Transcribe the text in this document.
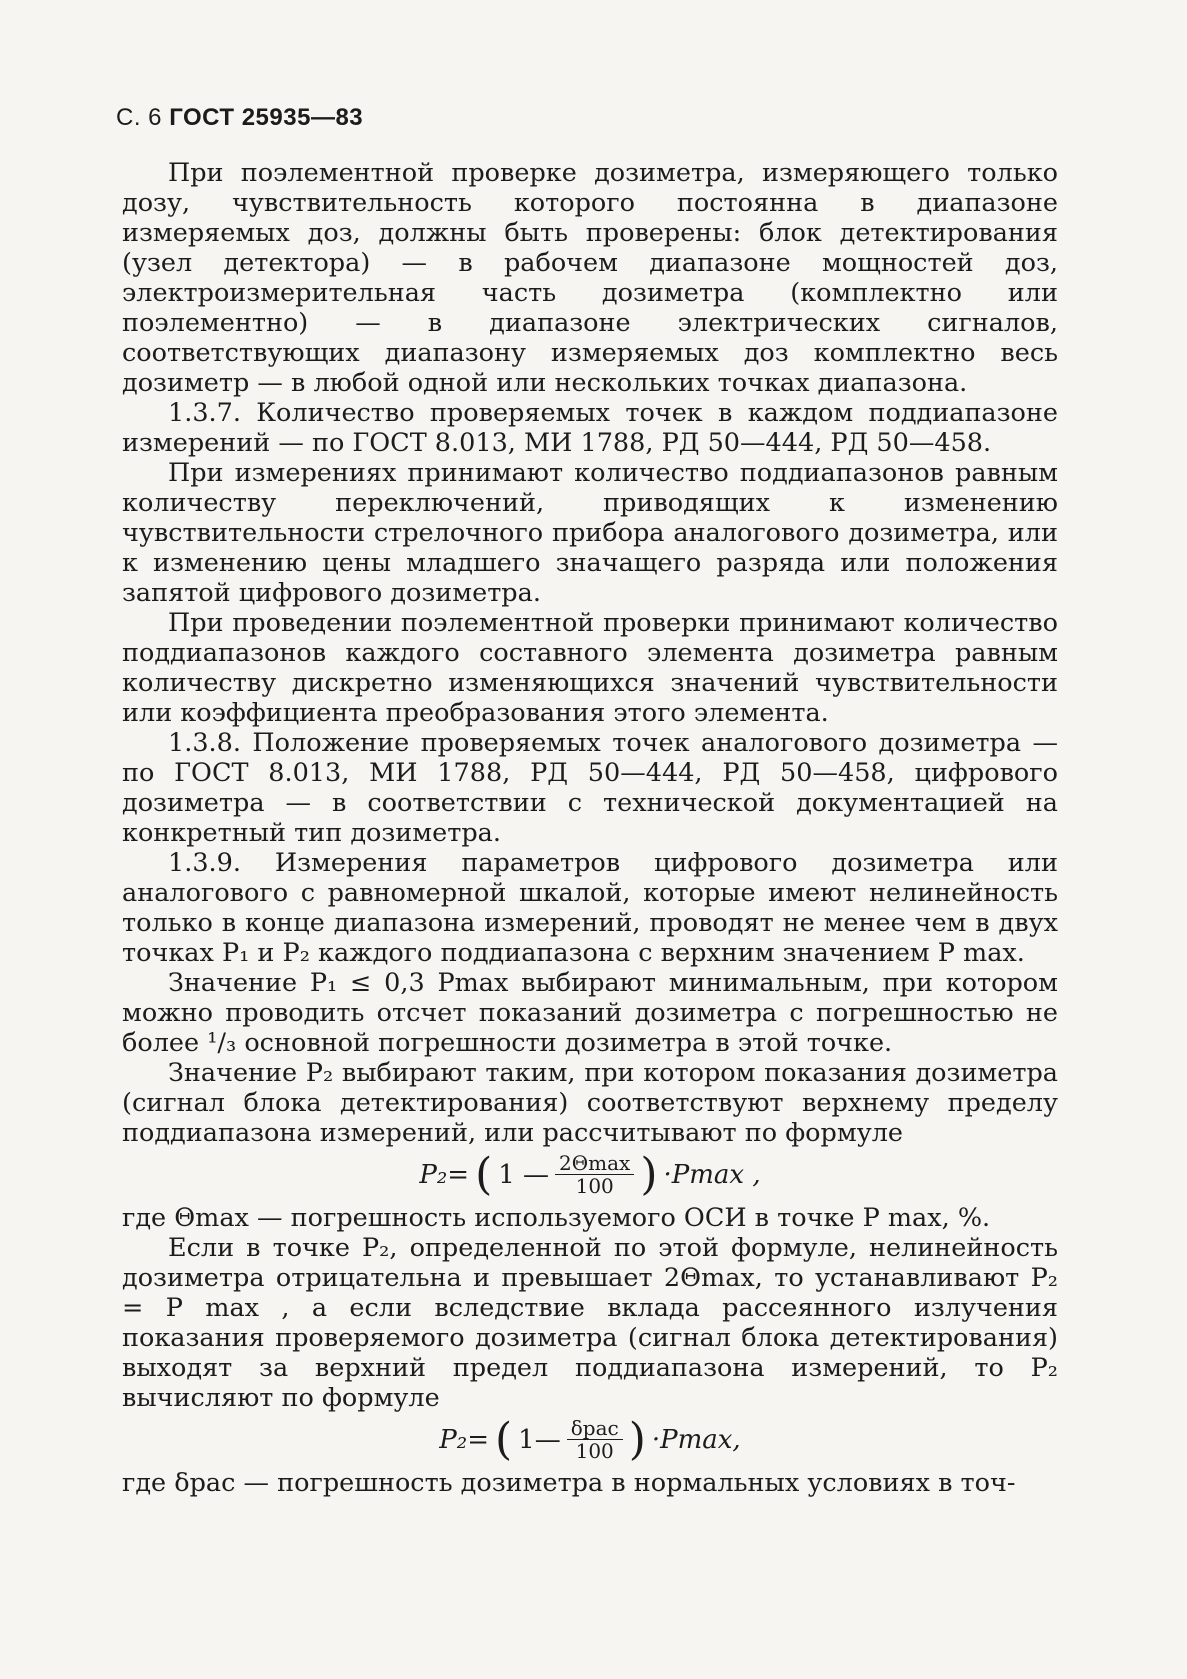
С. 6 ГОСТ 25935—83

При поэлементной проверке дозиметра, измеряющего только дозу, чувствительность которого постоянна в диапазоне измеряемых доз, должны быть проверены: блок детектирования (узел детектора) — в рабочем диапазоне мощностей доз, электроизмерительная часть дозиметра (комплектно или поэлементно) — в диапазоне электрических сигналов, соответствующих диапазону измеряемых доз комплектно весь дозиметр — в любой одной или нескольких точках диапазона.

1.3.7. Количество проверяемых точек в каждом поддиапазоне измерений — по ГОСТ 8.013, МИ 1788, РД 50—444, РД 50—458.

При измерениях принимают количество поддиапазонов равным количеству переключений, приводящих к изменению чувствительности стрелочного прибора аналогового дозиметра, или к изменению цены младшего значащего разряда или положения запятой цифрового дозиметра.

При проведении поэлементной проверки принимают количество поддиапазонов каждого составного элемента дозиметра равным количеству дискретно изменяющихся значений чувствительности или коэффициента преобразования этого элемента.

1.3.8. Положение проверяемых точек аналогового дозиметра — по ГОСТ 8.013, МИ 1788, РД 50—444, РД 50—458, цифрового дозиметра — в соответствии с технической документацией на конкретный тип дозиметра.

1.3.9. Измерения параметров цифрового дозиметра или аналогового с равномерной шкалой, которые имеют нелинейность только в конце диапазона измерений, проводят не менее чем в двух точках P₁ и P₂ каждого поддиапазона с верхним значением P max.

Значение P₁ ≤ 0,3 Pmax выбирают минимальным, при котором можно проводить отсчет показаний дозиметра с погрешностью не более ¹/₃ основной погрешности дозиметра в этой точке.

Значение P₂ выбирают таким, при котором показания дозиметра (сигнал блока детектирования) соответствуют верхнему пределу поддиапазона измерений, или рассчитывают по формуле

P₂= ( 1 — $\frac{2\Theta\max}{100}$ ) ·Pmax ,

где Θmax — погрешность используемого ОСИ в точке P max, %.

Если в точке P₂, определенной по этой формуле, нелинейность дозиметра отрицательна и превышает 2Θmax, то устанавливают P₂ = P max , а если вследствие вклада рассеянного излучения показания проверяемого дозиметра (сигнал блока детектирования) выходят за верхний предел поддиапазона измерений, то P₂ вычисляют по формуле

P₂= ( 1— $\frac{\text{δрас}}{100}$ ) ·Pmax,

где δрас — погрешность дозиметра в нормальных условиях в точ-
